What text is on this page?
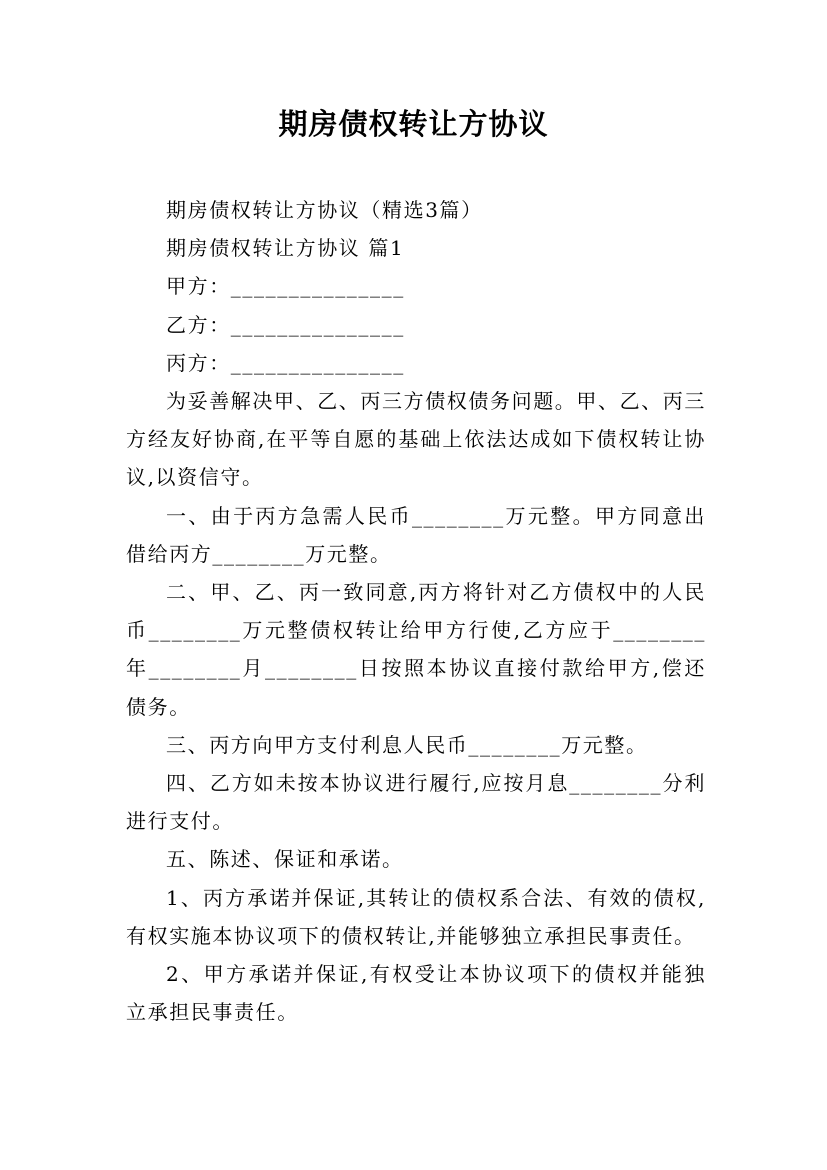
期房债权转让方协议

期房债权转让方协议（精选3篇）

期房债权转让方协议 篇1

甲方：_______________

乙方：_______________

丙方：_______________

为妥善解决甲、乙、丙三方债权债务问题。甲、乙、丙三方经友好协商,在平等自愿的基础上依法达成如下债权转让协议,以资信守。

一、由于丙方急需人民币________万元整。甲方同意出借给丙方________万元整。

二、甲、乙、丙一致同意,丙方将针对乙方债权中的人民币________万元整债权转让给甲方行使,乙方应于________年________月________日按照本协议直接付款给甲方,偿还债务。

三、丙方向甲方支付利息人民币________万元整。

四、乙方如未按本协议进行履行,应按月息________分利进行支付。

五、陈述、保证和承诺。

1、丙方承诺并保证,其转让的债权系合法、有效的债权,有权实施本协议项下的债权转让,并能够独立承担民事责任。

2、甲方承诺并保证,有权受让本协议项下的债权并能独立承担民事责任。
